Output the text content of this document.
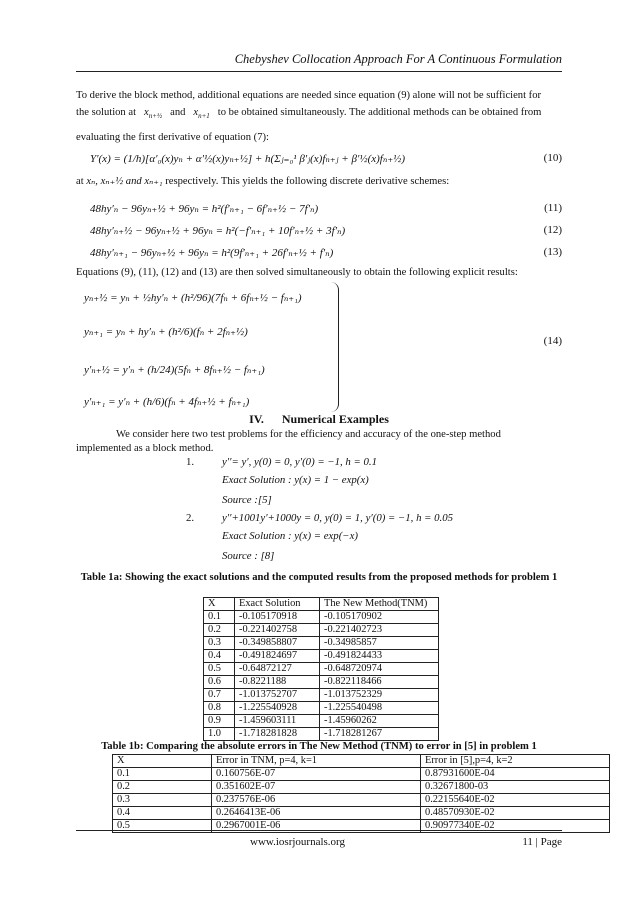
Chebyshev Collocation Approach For A Continuous Formulation
To derive the block method, additional equations are needed since equation (9) alone will not be sufficient for
the solution at $x_{n+\frac{1}{2}}$ and $x_{n+1}$ to be obtained simultaneously. The additional methods can be obtained from
evaluating the first derivative of equation (7):
Y′(x) = (1/h)[α′₀(x)yₙ + α′½(x)yₙ₊½] + h(Σⱼ₌₀¹ β′ⱼ(x)fₙ₊ⱼ + β′½(x)fₙ₊½)	(10)
at xₙ, xₙ₊½ and xₙ₊₁ respectively. This yields the following discrete derivative schemes:
48hy′ₙ − 96yₙ₊½ + 96yₙ = h²(f′ₙ₊₁ − 6f′ₙ₊½ − 7f′ₙ)	(11)
48hy′ₙ₊½ − 96yₙ₊½ + 96yₙ = h²(−f′ₙ₊₁ + 10f′ₙ₊½ + 3f′ₙ)	(12)
48hy′ₙ₊₁ − 96yₙ₊½ + 96yₙ = h²(9f′ₙ₊₁ + 26f′ₙ₊½ + f′ₙ)	(13)
Equations (9), (11), (12) and (13) are then solved simultaneously to obtain the following explicit results:
yₙ₊½ = yₙ + ½hy′ₙ + (h²/96)(7fₙ + 6fₙ₊½ − fₙ₊₁)
yₙ₊₁ = yₙ + hy′ₙ + (h²/6)(fₙ + 2fₙ₊½)
y′ₙ₊½ = y′ₙ + (h/24)(5fₙ + 8fₙ₊½ − fₙ₊₁)
y′ₙ₊₁ = y′ₙ + (h/6)(fₙ + 4fₙ₊½ + fₙ₊₁)
(14)
IV. Numerical Examples
We consider here two test problems for the efficiency and accuracy of the one-step method
implemented as a block method.
1.	y′′= y′, y(0) = 0, y′(0) = −1, h = 0.1
Exact Solution : y(x) = 1 − exp(x)
Source :[5]
2.	y′′+1001y′+1000y = 0, y(0) = 1, y′(0) = −1, h = 0.05
Exact Solution : y(x) = exp(−x)
Source : [8]
Table 1a: Showing the exact solutions and the computed results from the proposed methods for problem 1
X	Exact Solution	The New Method(TNM)
0.1	-0.105170918	-0.105170902
0.2	-0.221402758	-0.221402723
0.3	-0.349858807	-0.34985857
0.4	-0.491824697	-0.491824433
0.5	-0.64872127	-0.648720974
0.6	-0.8221188	-0.822118466
0.7	-1.013752707	-1.013752329
0.8	-1.225540928	-1.225540498
0.9	-1.459603111	-1.45960262
1.0	-1.718281828	-1.718281267
Table 1b: Comparing the absolute errors in The New Method (TNM) to error in [5] in problem 1
X	Error in TNM, p=4, k=1	Error in [5],p=4, k=2
0.1	0.160756E-07	0.87931600E-04
0.2	0.351602E-07	0.32671800-03
0.3	0.237576E-06	0.22155640E-02
0.4	0.2646413E-06	0.48570930E-02
0.5	0.2967001E-06	0.90977340E-02
www.iosrjournals.org	11 | Page
